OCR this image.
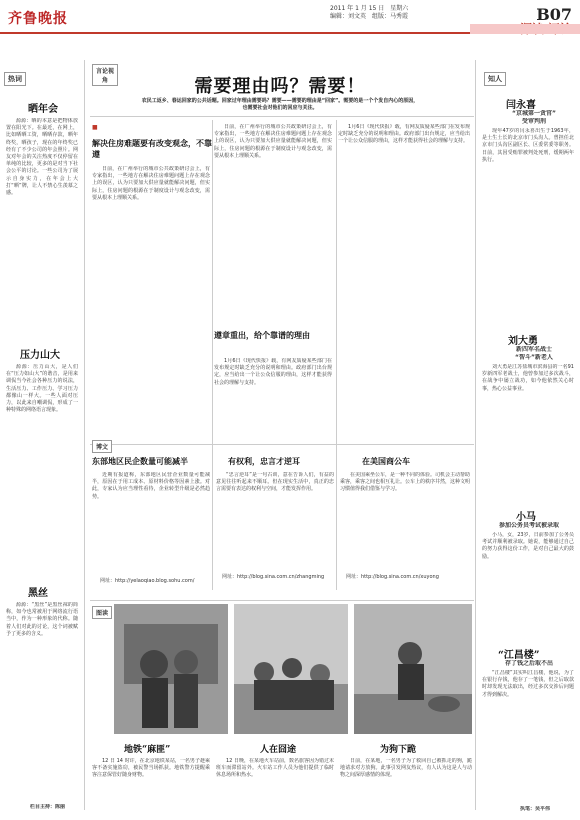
齐鲁晚报
2011 年 1 月 15 日　星期六
编辑：刘文英　组版：马秀霞	B07
热词
晒年会

源源：晒的本意是把物体放置在阳光下。在最近，在网上，比如晒晒工资，晒晒存款，晒年终奖，晒孩子，现在的年终奖已经有了不少公司的年会照片。网友对年会的关注热度不仅停留在单纯的比较，更多的是对当下社会公平的讨论。一些公司为了展示自身实力，在年会上大打“晒”牌，让人不禁心生羡慕之感。

压力山大

源源：压力山大，是人们在“压力如山大”的谐音，是用来调侃当今社会各种压力的说法，生活压力、工作压力、学习压力都像山一样大。一些人面对压力，以此来自嘲调侃，形成了一种特殊的网络语言现象。

黑丝

源源：“黑丝”是黑丝袜的简称，如今也常被用于网络流行语当中，作为一种形象的代称。随着人们对此的讨论，这个词被赋予了更多的含义。

栏目主持：陈丽
言论视角	需要理由吗？需要！
农民工返乡、春运回家的公共话题。回家过年理由需要吗？需要——需要的理由是“回家”。需要的是一个个发自内心的原因，也需要社会对他们的回应与关注。
■
解决住房难题要有改变观念，不靠遵

日前，在广州举行的城市公共政策研讨会上，有专家指出，一些地方在解决住房难题问题上存在观念上的误区，认为只要加大供应量就能解决问题，但实际上，住房问题的根源在于制度设计与观念改变，需要从根本上理顺关系。

日前，在广州举行的城市公共政策研讨会上，有专家指出，一些地方在解决住房难题问题上存在观念上的误区，认为只要加大供应量就能解决问题，但实际上，住房问题的根源在于制度设计与观念改变，需要从根本上理顺关系。

遵章重出，给个靠谱的理由

1月6日《现代快报》载，有网友质疑某些部门在发布规定时缺乏充分的说明和理由。政府部门出台规定，应当给出一个让公众信服的理由，这样才能获得社会的理解与支持。

1月6日《现代快报》载，有网友质疑某些部门在发布规定时缺乏充分的说明和理由。政府部门出台规定，应当给出一个让公众信服的理由，这样才能获得社会的理解与支持。

博文
东部地区民企数量可能减半

近期有报道称，东部地区民营企业数量可能减半，原因在于用工成本、原材料价格等因素上涨。对此，专家认为应当理性看待，企业转型升级是必然趋势。

网址：http://yelaoqiao.blog.sohu.com/
有权利，忠言才逆耳

“忠言逆耳”是一句古训，意在告诉人们，有益的意见往往听起来不顺耳。但在现实生活中，真正的忠言需要有表达的权利与空间，才能发挥作用。

网址：http://blog.sina.com.cn/zhangming
在美国商公车

在美国乘坐公车，是一种不同的体验。司机会主动帮助乘客，乘客之间也相互礼让。公车上的秩序井然，这种文明习惯值得我们借鉴与学习。

网址：http://blog.sina.com.cn/xuyong
图读
地铁“麻匪”

12 日 14 时许，在北京地铁某站，一名男子趁乘客不备实施盗窃，被民警当场抓获。地铁警方提醒乘客注意保管好随身财物。

人在囧途

12 日晚，在某地火车站前，数名旅客因为错过末班车而滞留站外。火车站工作人员为他们提供了临时休息场所和热水。

为狗下跪

日前，在某地，一名男子为了救回自己被抓走的狗，跪地请求对方放狗。此事引发网友热议，有人认为这是人与动物之间深厚感情的体现。

知人
闫永喜
“京城第一贪官”
受审判刑

现年47岁的闫永喜出生于1963年，是土生土长的北京市门头沟人。曾担任北京市门头沟区副区长、区委常委等职务。日前，其因受贿罪被判处死刑，缓期两年执行。

刘大勇
新四军名战士
“智斗”新老人

刘大勇是江苏盐城市滨海县的一名91岁新四军老战士，他曾参加过多次战斗，在战争中屡立战功，如今他依然关心时事，热心公益事业。

小马
参加公务员考试被录取

小马，女，23岁，日前参加了公务员考试并顺利被录取。她说，能够通过自己的努力获得这份工作，是对自己最大的鼓励。

“江昌楼”
存了钱之后取不出

“江昌楼”其实叫江昌楼，他说，为了在银行存钱，他存了一笔钱，但之后取款时却发现无法取出，经过多次交涉后问题才得到解决。

执笔：吴平伟
